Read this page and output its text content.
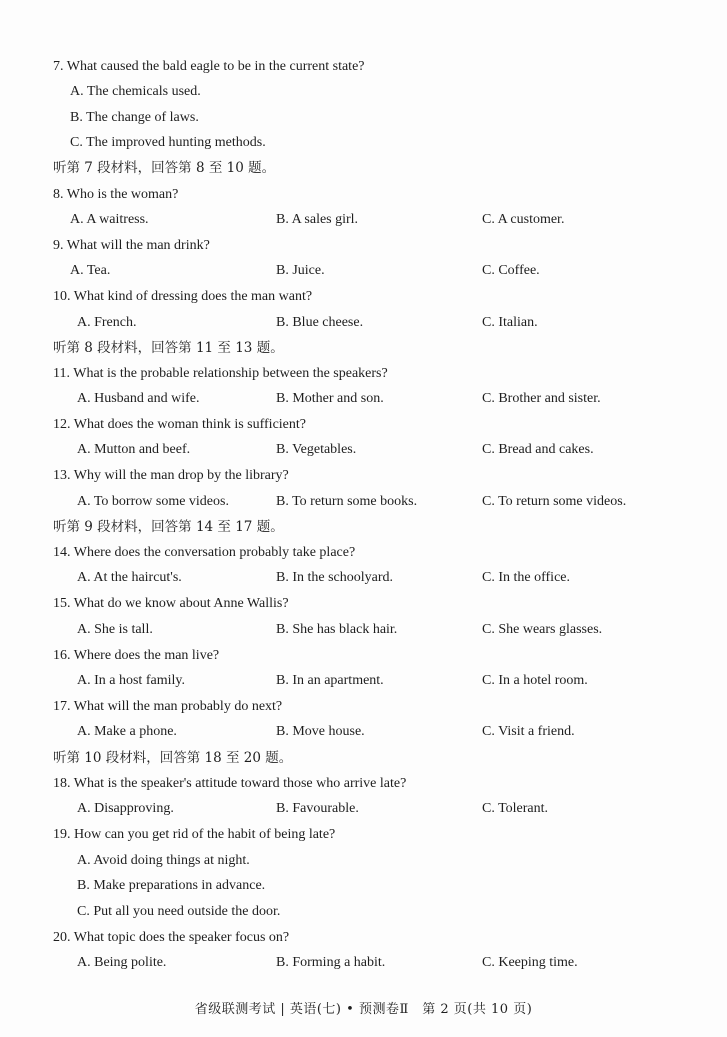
7. What caused the bald eagle to be in the current state?
A. The chemicals used.
B. The change of laws.
C. The improved hunting methods.
听第 7 段材料，回答第 8 至 10 题。
8. Who is the woman?
A. A waitress.	B. A sales girl.	C. A customer.
9. What will the man drink?
A. Tea.	B. Juice.	C. Coffee.
10. What kind of dressing does the man want?
A. French.	B. Blue cheese.	C. Italian.
听第 8 段材料，回答第 11 至 13 题。
11. What is the probable relationship between the speakers?
A. Husband and wife.	B. Mother and son.	C. Brother and sister.
12. What does the woman think is sufficient?
A. Mutton and beef.	B. Vegetables.	C. Bread and cakes.
13. Why will the man drop by the library?
A. To borrow some videos.	B. To return some books.	C. To return some videos.
听第 9 段材料，回答第 14 至 17 题。
14. Where does the conversation probably take place?
A. At the haircut's.	B. In the schoolyard.	C. In the office.
15. What do we know about Anne Wallis?
A. She is tall.	B. She has black hair.	C. She wears glasses.
16. Where does the man live?
A. In a host family.	B. In an apartment.	C. In a hotel room.
17. What will the man probably do next?
A. Make a phone.	B. Move house.	C. Visit a friend.
听第 10 段材料，回答第 18 至 20 题。
18. What is the speaker's attitude toward those who arrive late?
A. Disapproving.	B. Favourable.	C. Tolerant.
19. How can you get rid of the habit of being late?
A. Avoid doing things at night.
B. Make preparations in advance.
C. Put all you need outside the door.
20. What topic does the speaker focus on?
A. Being polite.	B. Forming a habit.	C. Keeping time.
省级联测考试 | 英语(七) • 预测卷Ⅱ　第 2 页(共 10 页)
